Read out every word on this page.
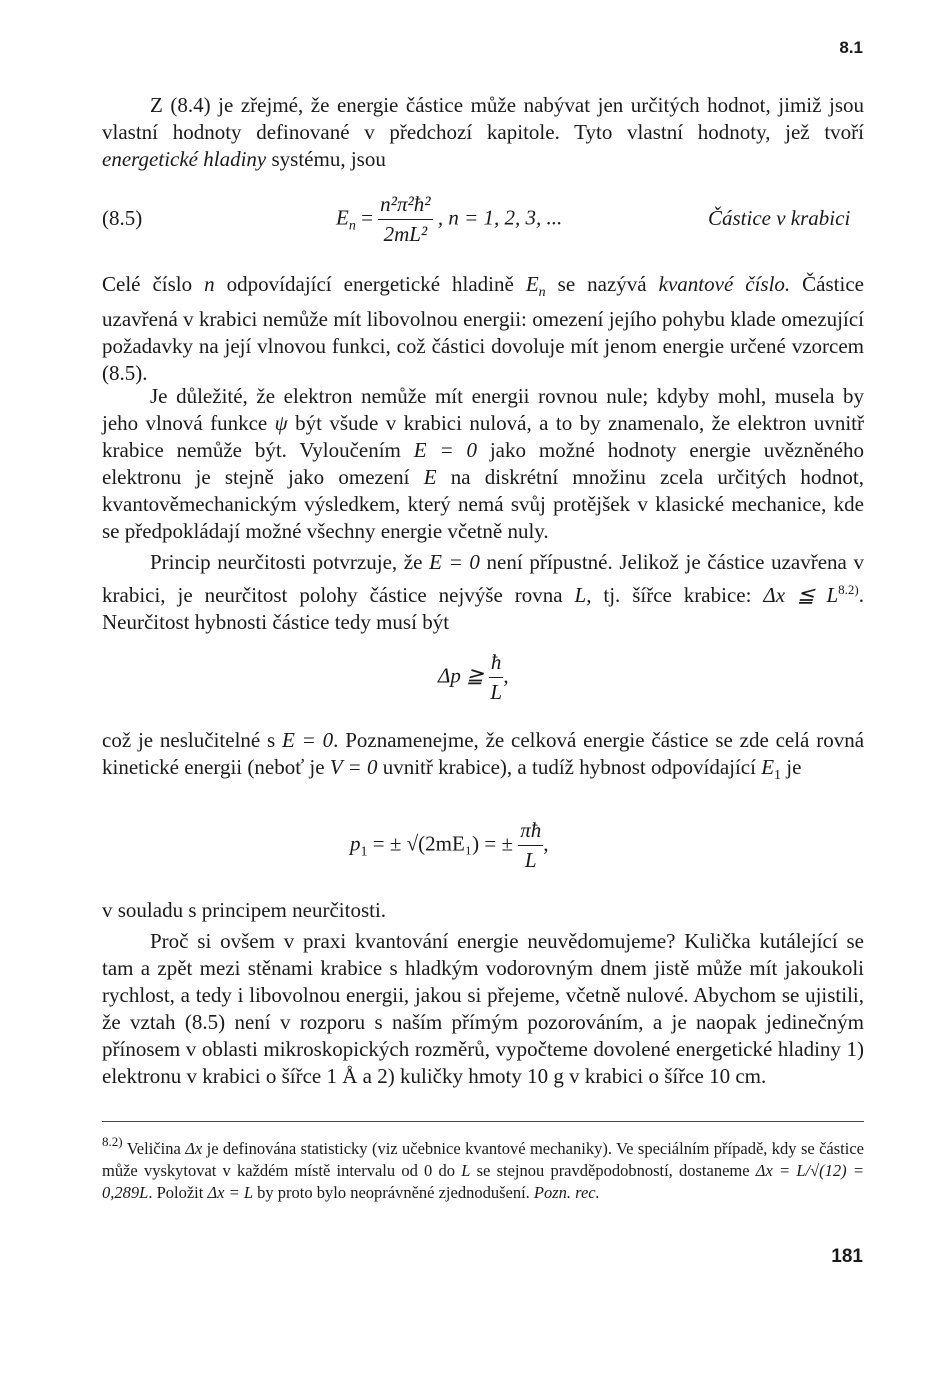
8.1

Z (8.4) je zřejmé, že energie částice může nabývat jen určitých hodnot, jimiž jsou vlastní hodnoty definované v předchozí kapitole. Tyto vlastní hodnoty, jež tvoří energetické hladiny systému, jsou

(8.5)	$E_n = \frac{\text{n²π²ħ²}}{\text{2mL²}}$ , n = 1, 2, 3, ...	Částice v krabici

Celé číslo n odpovídající energetické hladině $E_n$ se nazývá kvantové číslo. Částice uzavřená v krabici nemůže mít libovolnou energii: omezení jejího pohybu klade omezující požadavky na její vlnovou funkci, což částici dovoluje mít jenom energie určené vzorcem (8.5).

Je důležité, že elektron nemůže mít energii rovnou nule; kdyby mohl, musela by jeho vlnová funkce ψ být všude v krabici nulová, a to by znamenalo, že elektron uvnitř krabice nemůže být. Vyloučením E = 0 jako možné hodnoty energie uvězněného elektronu je stejně jako omezení E na diskrétní množinu zcela určitých hodnot, kvantověmechanickým výsledkem, který nemá svůj protějšek v klasické mechanice, kde se předpokládají možné všechny energie včetně nuly.

Princip neurčitosti potvrzuje, že E = 0 není přípustné. Jelikož je částice uzavřena v krabici, je neurčitost polohy částice nejvýše rovna L, tj. šířce krabice: Δx ≦ $L^{8.2)}$. Neurčitost hybnosti částice tedy musí být

Δp ≧ $\frac{ħ}{L}$ ,

což je neslučitelné s E = 0. Poznamenejme, že celková energie částice se zde celá rovná kinetické energii (neboť je V = 0 uvnitř krabice), a tudíž hybnost odpovídající $E_1$ je

$p_1$ = ± √(2mE₁) = ± $\frac{\pi ħ}{L}$ ,

v souladu s principem neurčitosti.

Proč si ovšem v praxi kvantování energie neuvědomujeme? Kulička kutálející se tam a zpět mezi stěnami krabice s hladkým vodorovným dnem jistě může mít jakoukoli rychlost, a tedy i libovolnou energii, jakou si přejeme, včetně nulové. Abychom se ujistili, že vztah (8.5) není v rozporu s naším přímým pozorováním, a je naopak jedinečným přínosem v oblasti mikroskopických rozměrů, vypočteme dovolené energetické hladiny 1) elektronu v krabici o šířce 1 Å a 2) kuličky hmoty 10 g v krabici o šířce 10 cm.

$^{8.2)}$ Veličina Δx je definována statisticky (viz učebnice kvantové mechaniky). Ve speciálním případě, kdy se částice může vyskytovat v každém místě intervalu od 0 do L se stejnou pravděpodobností, dostaneme Δx = L/√(12) = 0,289L. Položit Δx = L by proto bylo neoprávněné zjednodušení. Pozn. rec.

181
